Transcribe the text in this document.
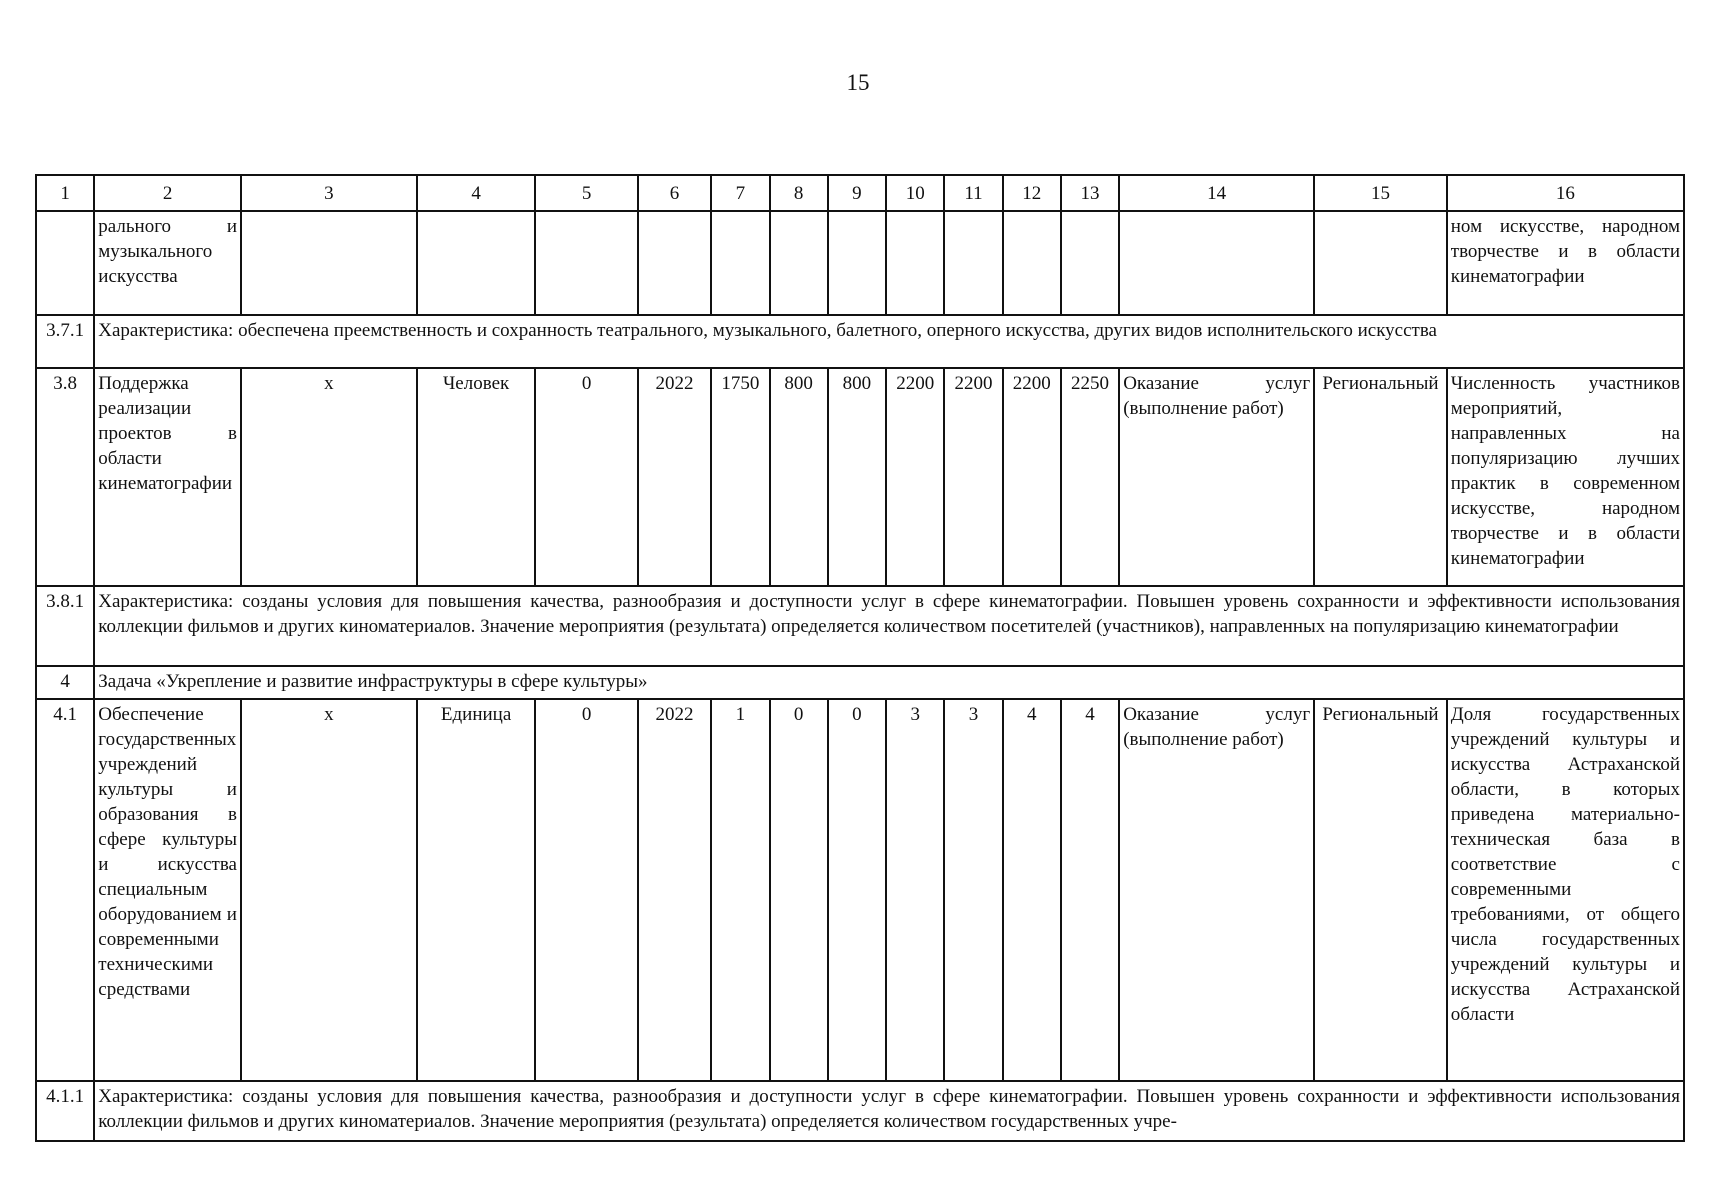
15
1	2	3	4	5	6	7	8	9	10	11	12	13	14	15	16
	рального и музыкального искусства														ном искусстве, народном творчестве и в области кинематографии
3.7.1	Характеристика: обеспечена преемственность и сохранность театрального, музыкального, балетного, оперного искусства, других видов исполнительского искусства														
3.8	Поддержка реализации проектов в области кинематографии	х	Человек	0	2022	1750	800	800	2200	2200	2200	2250	Оказание услуг (выполнение работ)	Региональный	Численность участников мероприятий, направленных на популяризацию лучших практик в современном искусстве, народном творчестве и в области кинематографии
3.8.1	Характеристика: созданы условия для повышения качества, разнообразия и доступности услуг в сфере кинематографии. Повышен уровень сохранности и эффективности использования коллекции фильмов и других киноматериалов. Значение мероприятия (результата) определяется количеством посетителей (участников), направленных на популяризацию кинематографии														
4	Задача «Укрепление и развитие инфраструктуры в сфере культуры»														
4.1	Обеспечение государственных учреждений культуры и образования в сфере культуры и искусства специальным оборудованием и современными техническими средствами	х	Единица	0	2022	1	0	0	3	3	4	4	Оказание услуг (выполнение работ)	Региональный	Доля государственных учреждений культуры и искусства Астраханской области, в которых приведена материально-техническая база в соответствие с современными требованиями, от общего числа государственных учреждений культуры и искусства Астраханской области
4.1.1	Характеристика: созданы условия для повышения качества, разнообразия и доступности услуг в сфере кинематографии. Повышен уровень сохранности и эффективности использования коллекции фильмов и других киноматериалов. Значение мероприятия (результата) определяется количеством государственных учре-														
